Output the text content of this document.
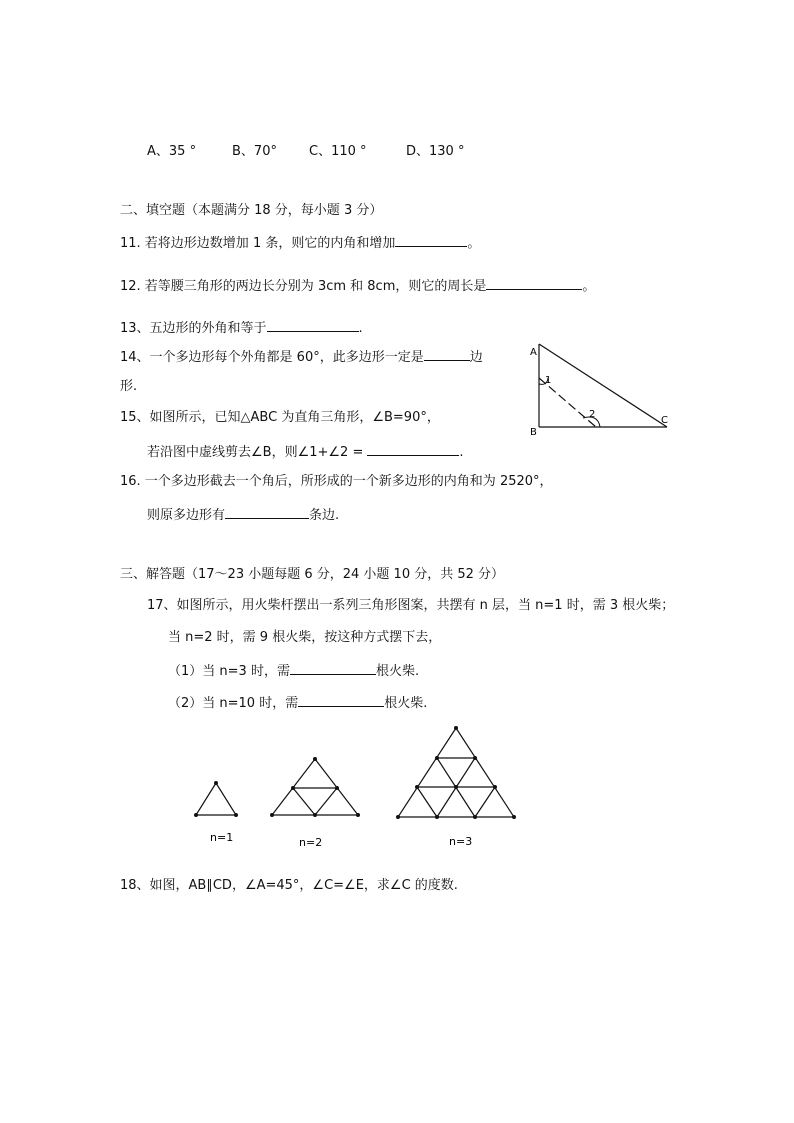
A、35 °	B、70° C、110 °	D、130 °
二、填空题（本题满分 18 分，每小题 3 分）
11. 若将边形边数增加 1 条，则它的内角和增加	。
12. 若等腰三角形的两边长分别为 3cm 和 8cm，则它的周长是	。
13、五边形的外角和等于	.
14、一个多边形每个外角都是 60°，此多边形一定是	边
形.
15、如图所示，已知△ABC 为直角三角形，∠B=90°，
若沿图中虚线剪去∠B，则∠1+∠2 =	.
16. 一个多边形截去一个角后，所形成的一个新多边形的内角和为 2520°，
则原多边形有	条边.
A
B
C
1
2
三、解答题（17～23 小题每题 6 分，24 小题 10 分，共 52 分）
17、如图所示，用火柴杆摆出一系列三角形图案，共摆有 n 层，当 n=1 时，需 3 根火柴；
当 n=2 时，需 9 根火柴，按这种方式摆下去，
（1）当 n=3 时，需	根火柴.
（2）当 n=10 时，需	根火柴.
n=1	n=2	n=3
18、如图，AB∥CD，∠A=45°，∠C=∠E，求∠C 的度数.
